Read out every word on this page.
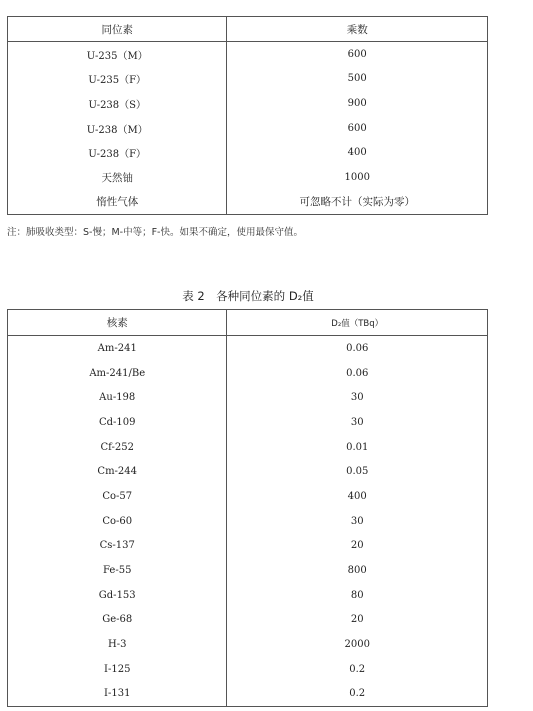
同位素	乘数
U-235（M）	600
U-235（F）	500
U-238（S）	900
U-238（M）	600
U-238（F）	400
天然铀	1000
惰性气体	可忽略不计（实际为零）
注：肺吸收类型：S-慢；M-中等；F-快。如果不确定，使用最保守值。
表 2　各种同位素的 D₂值
核素	D₂值（TBq）
Am-241	0.06
Am-241/Be	0.06
Au-198	30
Cd-109	30
Cf-252	0.01
Cm-244	0.05
Co-57	400
Co-60	30
Cs-137	20
Fe-55	800
Gd-153	80
Ge-68	20
H-3	2000
I-125	0.2
I-131	0.2
